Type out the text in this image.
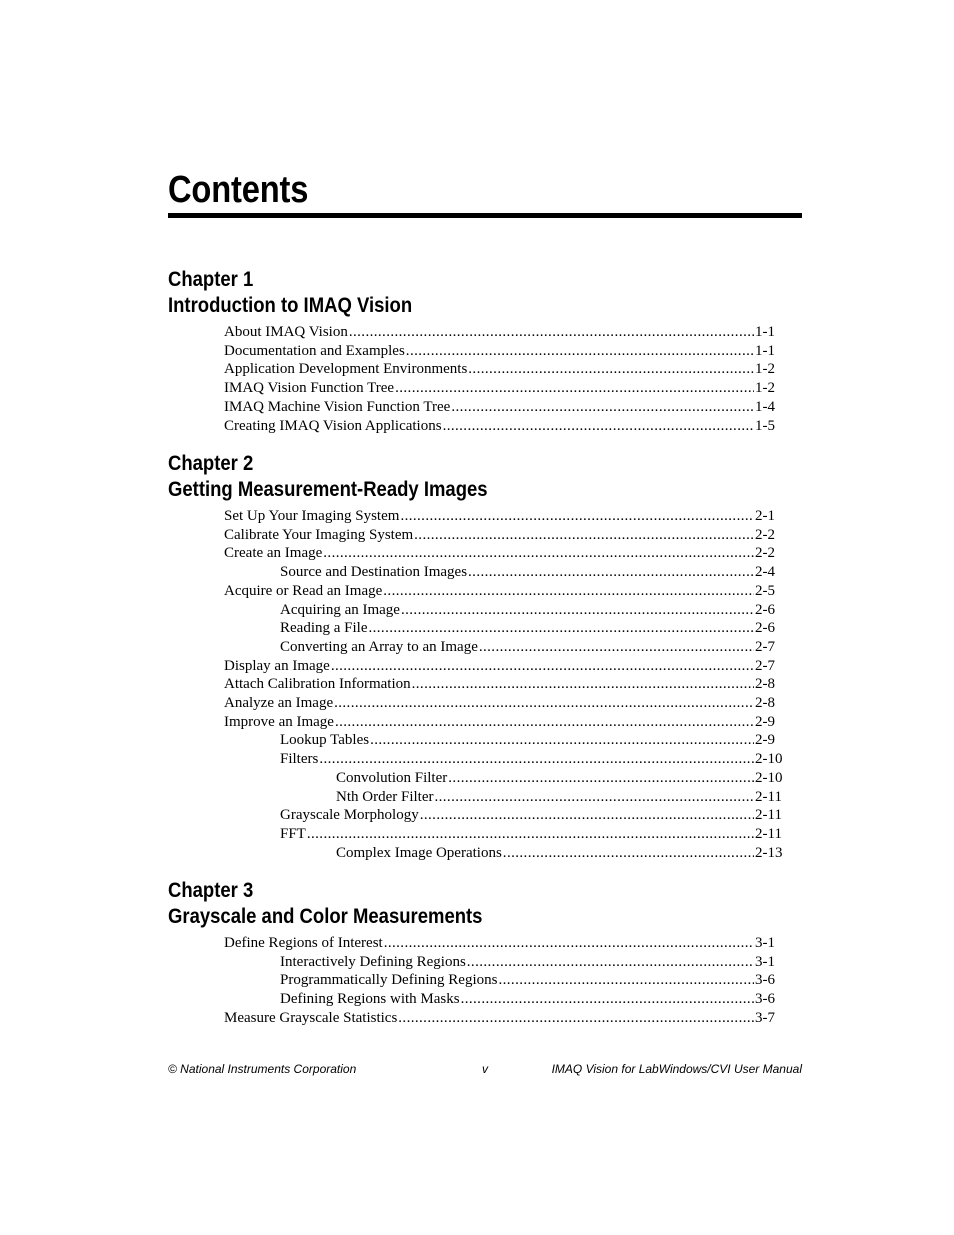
Contents
Chapter 1
Introduction to IMAQ Vision
About IMAQ Vision .....	1-1
Documentation and Examples .....	1-1
Application Development Environments .....	1-2
IMAQ Vision Function Tree .....	1-2
IMAQ Machine Vision Function Tree .....	1-4
Creating IMAQ Vision Applications .....	1-5
Chapter 2
Getting Measurement-Ready Images
Set Up Your Imaging System .....	2-1
Calibrate Your Imaging System .....	2-2
Create an Image .....	2-2
Source and Destination Images .....	2-4
Acquire or Read an Image .....	2-5
Acquiring an Image .....	2-6
Reading a File .....	2-6
Converting an Array to an Image .....	2-7
Display an Image .....	2-7
Attach Calibration Information .....	2-8
Analyze an Image .....	2-8
Improve an Image .....	2-9
Lookup Tables .....	2-9
Filters .....	2-10
Convolution Filter .....	2-10
Nth Order Filter .....	2-11
Grayscale Morphology .....	2-11
FFT .....	2-11
Complex Image Operations .....	2-13
Chapter 3
Grayscale and Color Measurements
Define Regions of Interest .....	3-1
Interactively Defining Regions .....	3-1
Programmatically Defining Regions .....	3-6
Defining Regions with Masks .....	3-6
Measure Grayscale Statistics .....	3-7
© National Instruments Corporation	v	IMAQ Vision for LabWindows/CVI User Manual
